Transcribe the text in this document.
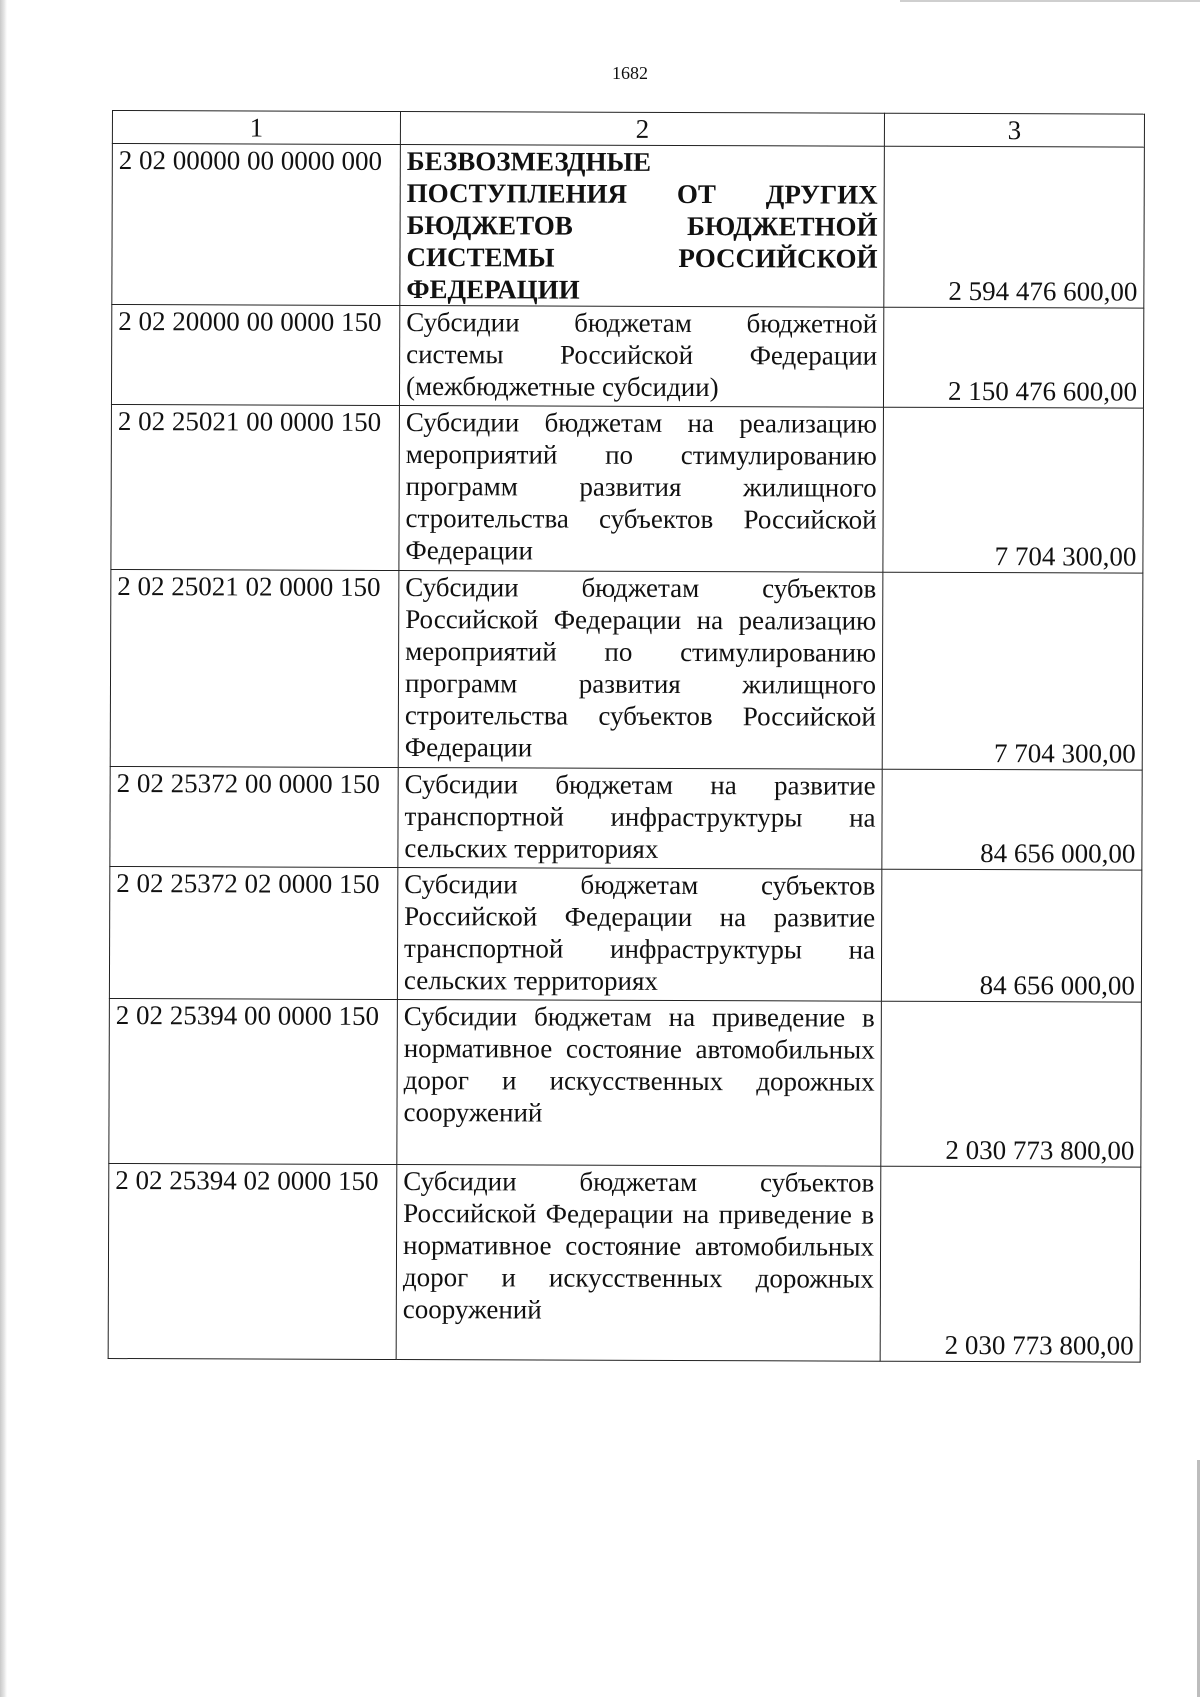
1682
1	2	3
2 02 00000 00 0000 000	БЕЗВОЗМЕЗДНЫЕ ПОСТУПЛЕНИЯ ОТ ДРУГИХ БЮДЖЕТОВ БЮДЖЕТНОЙ СИСТЕМЫ РОССИЙСКОЙ ФЕДЕРАЦИИ	2 594 476 600,00
2 02 20000 00 0000 150	Субсидии бюджетам бюджетной системы Российской Федерации (межбюджетные субсидии)	2 150 476 600,00
2 02 25021 00 0000 150	Субсидии бюджетам на реализацию мероприятий по стимулированию программ развития жилищного строительства субъектов Российской Федерации	7 704 300,00
2 02 25021 02 0000 150	Субсидии бюджетам субъектов Российской Федерации на реализацию мероприятий по стимулированию программ развития жилищного строительства субъектов Российской Федерации	7 704 300,00
2 02 25372 00 0000 150	Субсидии бюджетам на развитие транспортной инфраструктуры на сельских территориях	84 656 000,00
2 02 25372 02 0000 150	Субсидии бюджетам субъектов Российской Федерации на развитие транспортной инфраструктуры на сельских территориях	84 656 000,00
2 02 25394 00 0000 150	Субсидии бюджетам на приведение в нормативное состояние автомобильных дорог и искусственных дорожных сооружений	2 030 773 800,00
2 02 25394 02 0000 150	Субсидии бюджетам субъектов Российской Федерации на приведение в нормативное состояние автомобильных дорог и искусственных дорожных сооружений	2 030 773 800,00
